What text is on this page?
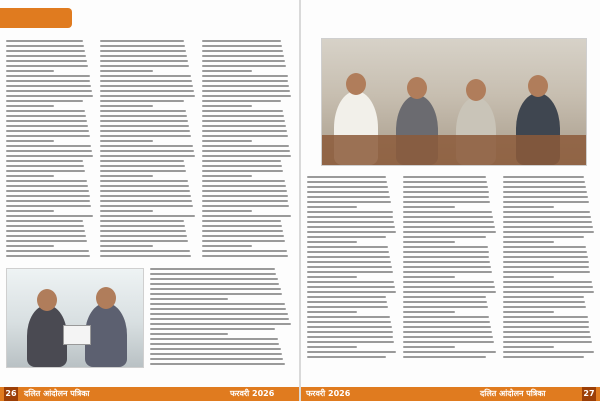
26 दलित आंदोलन पत्रिका	फरवरी 2026	फरवरी 2026	दलित आंदोलन पत्रिका	27
